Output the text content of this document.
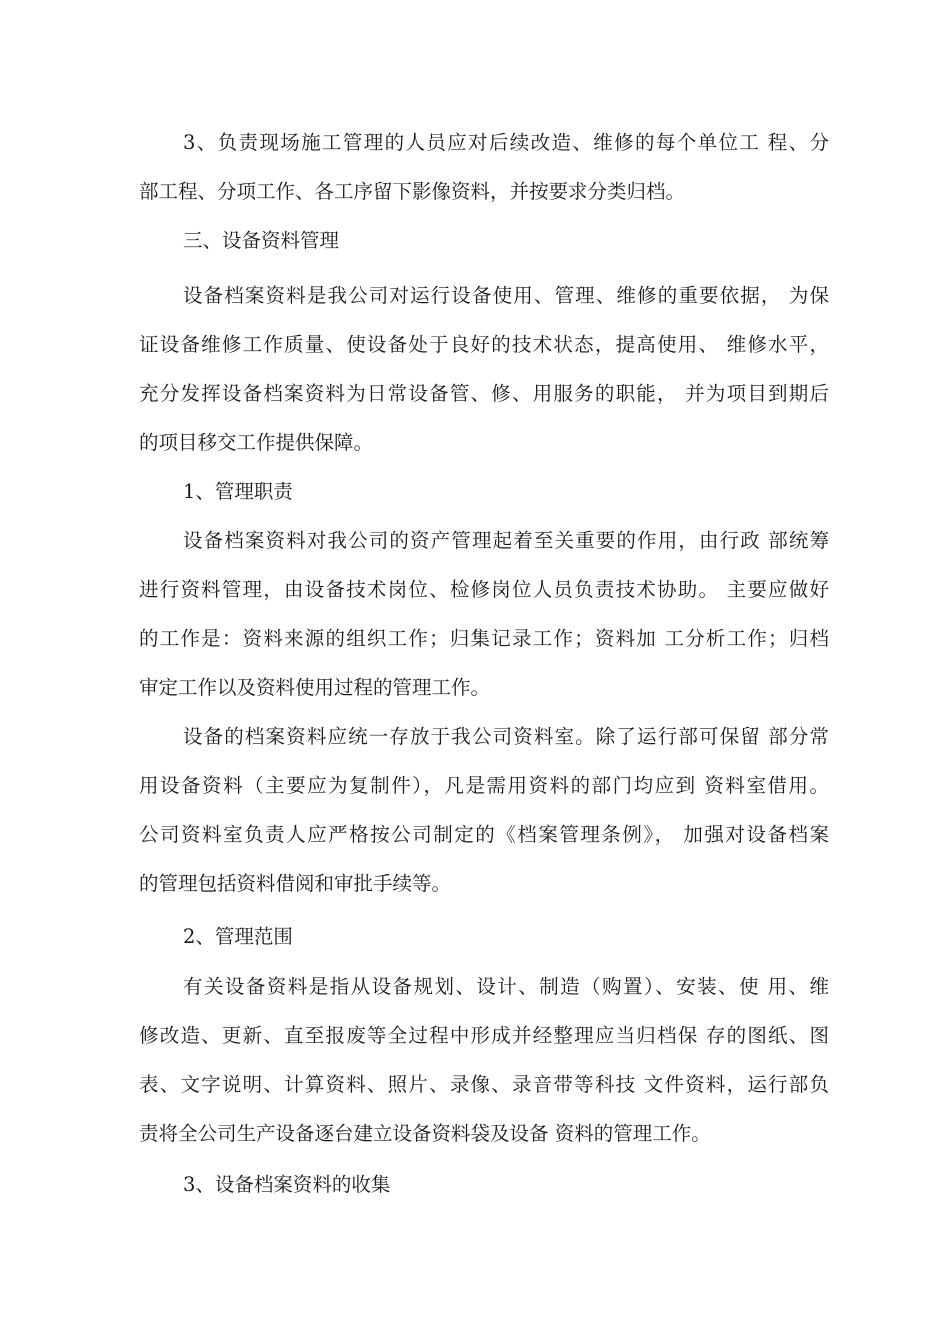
3、负责现场施工管理的人员应对后续改造、维修的每个单位工 程、分
部工程、分项工作、各工序留下影像资料，并按要求分类归档。
三、设备资料管理
设备档案资料是我公司对运行设备使用、管理、维修的重要依据， 为保
证设备维修工作质量、使设备处于良好的技术状态，提高使用、 维修水平，
充分发挥设备档案资料为日常设备管、修、用服务的职能， 并为项目到期后
的项目移交工作提供保障。
1、管理职责
设备档案资料对我公司的资产管理起着至关重要的作用，由行政 部统筹
进行资料管理，由设备技术岗位、检修岗位人员负责技术协助。 主要应做好
的工作是：资料来源的组织工作；归集记录工作；资料加 工分析工作；归档
审定工作以及资料使用过程的管理工作。
设备的档案资料应统一存放于我公司资料室。除了运行部可保留 部分常
用设备资料（主要应为复制件），凡是需用资料的部门均应到 资料室借用。
公司资料室负责人应严格按公司制定的《档案管理条例》， 加强对设备档案
的管理包括资料借阅和审批手续等。
2、管理范围
有关设备资料是指从设备规划、设计、制造（购置）、安装、使 用、维
修改造、更新、直至报废等全过程中形成并经整理应当归档保 存的图纸、图
表、文字说明、计算资料、照片、录像、录音带等科技 文件资料，运行部负
责将全公司生产设备逐台建立设备资料袋及设备 资料的管理工作。
3、设备档案资料的收集
